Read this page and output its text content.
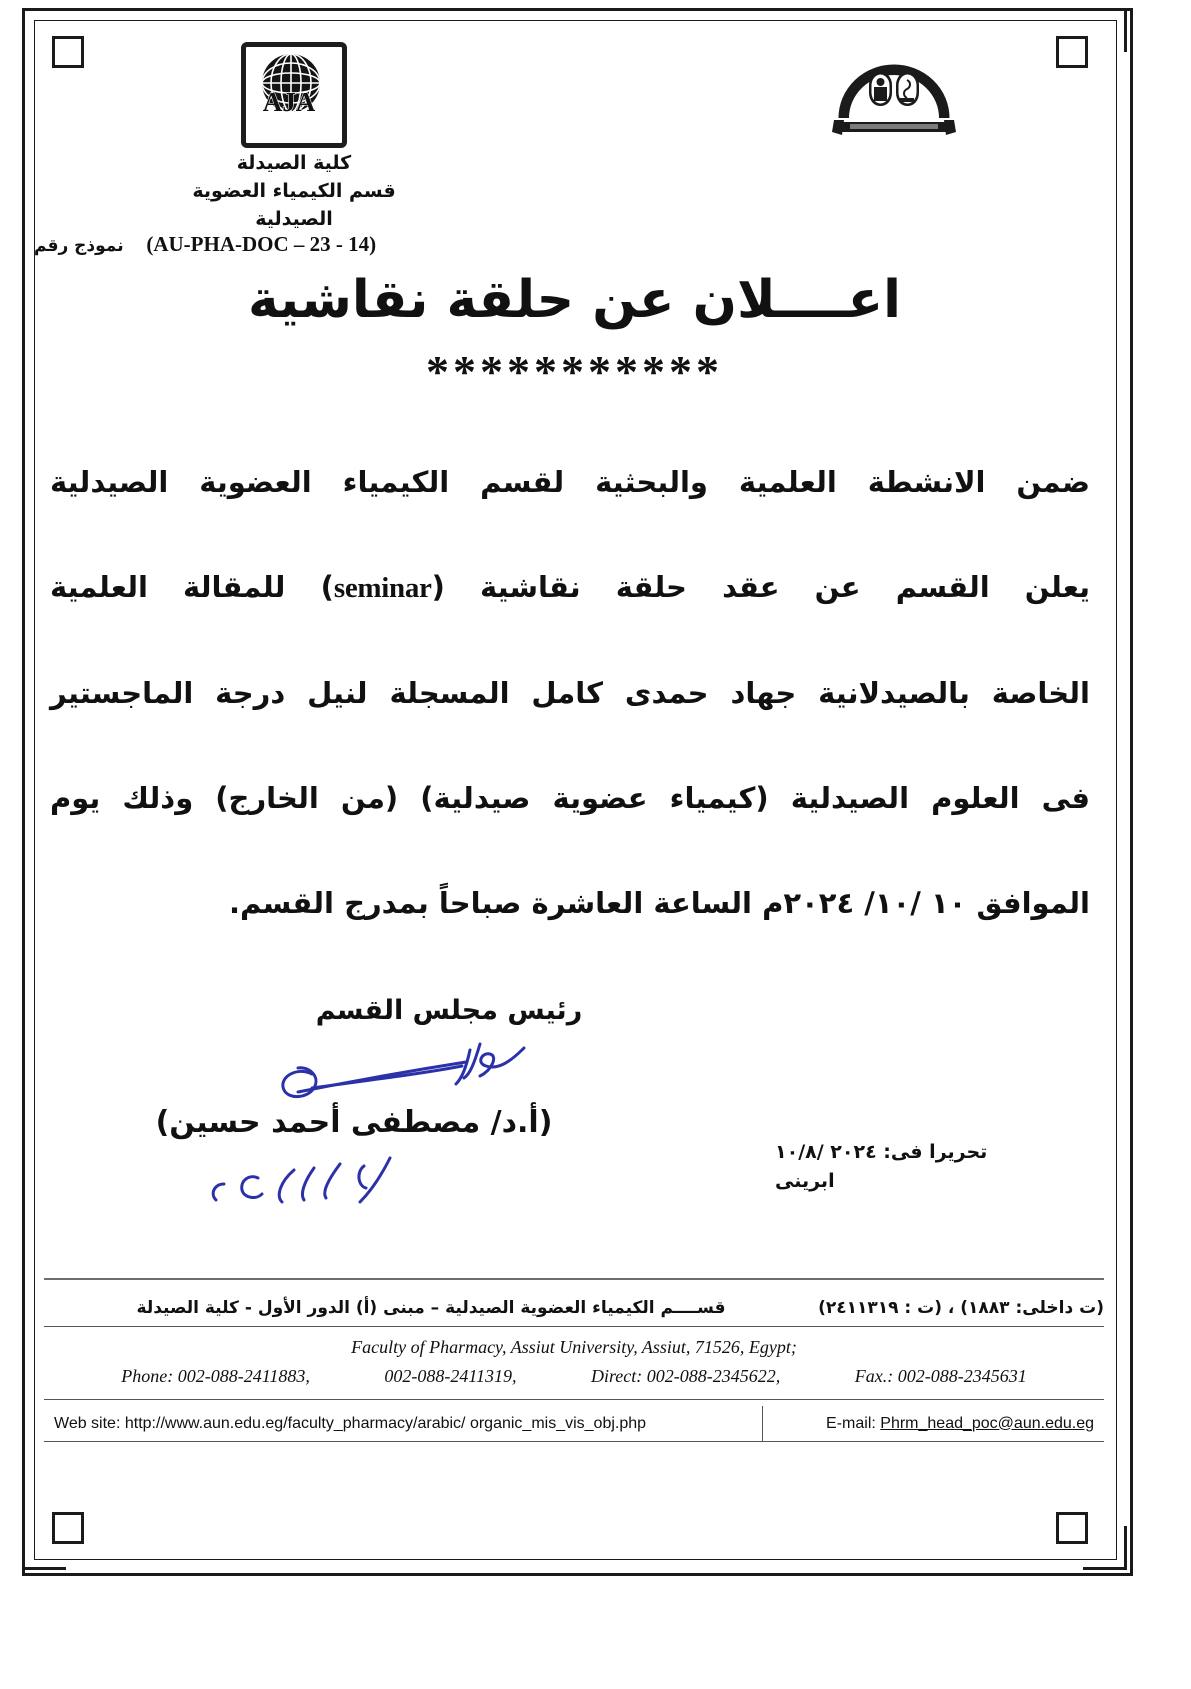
AJA
كلية الصيدلة
قسم الكيمياء العضوية
الصيدلية
(AU-PHA-DOC – 23 - 14) نموذج رقم
اعــــلان عن حلقة نقاشية
***********

ضمن الانشطة العلمية والبحثية لقسم الكيمياء العضوية الصيدلية

يعلن القسم عن عقد حلقة نقاشية (seminar) للمقالة العلمية

الخاصة بالصيدلانية جهاد حمدى كامل المسجلة لنيل درجة الماجستير

فى العلوم الصيدلية (كيمياء عضوية صيدلية) (من الخارج) وذلك يوم

الموافق ١٠ /١٠/ ٢٠٢٤م الساعة العاشرة صباحاً بمدرج القسم.

رئيس مجلس القسم
(أ.د/ مصطفى أحمد حسين)
تحريرا فى: ٢٠٢٤ /١٠/٨
ابرينى
(ت داخلى: ١٨٨٣) ، (ت : ٢٤١١٣١٩)
قســــم الكيمياء العضوية الصيدلية – مبنى (أ) الدور الأول - كلية الصيدلة
Faculty of Pharmacy, Assiut University, Assiut, 71526, Egypt;
Phone: 002-088-2411883,	002-088-2411319,	Direct: 002-088-2345622,	Fax.: 002-088-2345631
Web site: http://www.aun.edu.eg/faculty_pharmacy/arabic/ organic_mis_vis_obj.php	E-mail: Phrm_head_poc@aun.edu.eg
